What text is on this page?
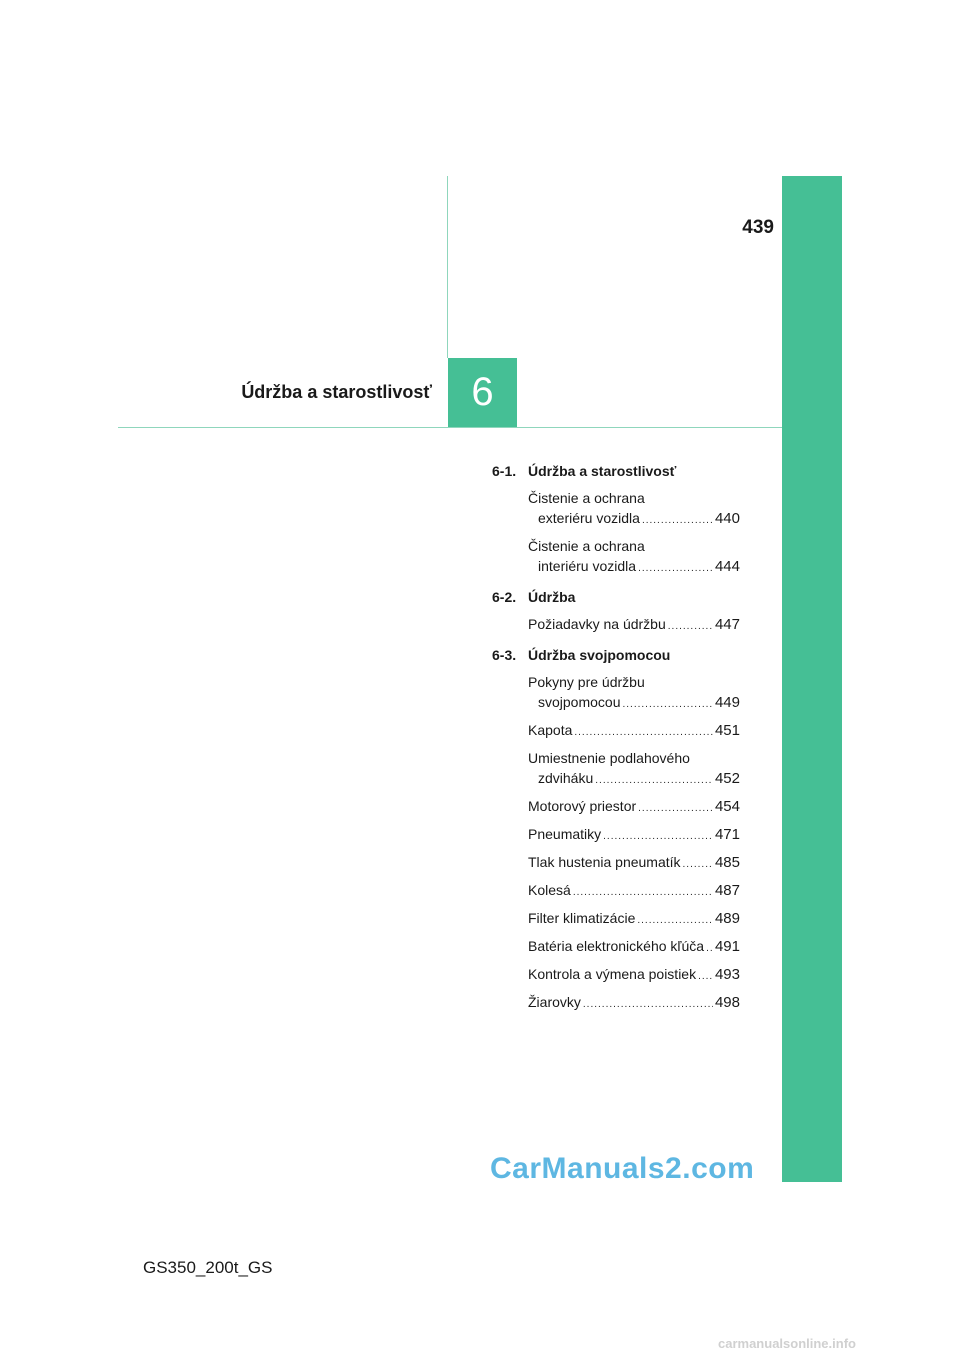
439
Údržba a starostlivosť 6
6-1. Údržba a starostlivosť
Čistenie a ochrana
exteriéru vozidla .....	440
Čistenie a ochrana
interiéru vozidla .....	444
6-2. Údržba
Požiadavky na údržbu .....	447
6-3. Údržba svojpomocou
Pokyny pre údržbu
svojpomocou .....	449
Kapota .....	451
Umiestnenie podlahového
zdviháku .....	452
Motorový priestor .....	454
Pneumatiky .....	471
Tlak hustenia pneumatík ..... 485
Kolesá .....	487
Filter klimatizácie .....	489
Batéria elektronického kľúča ..... 491
Kontrola a výmena poistiek ..... 493
Žiarovky .....	498
CarManuals2.com
GS350_200t_GS
carmanualsonline.info
